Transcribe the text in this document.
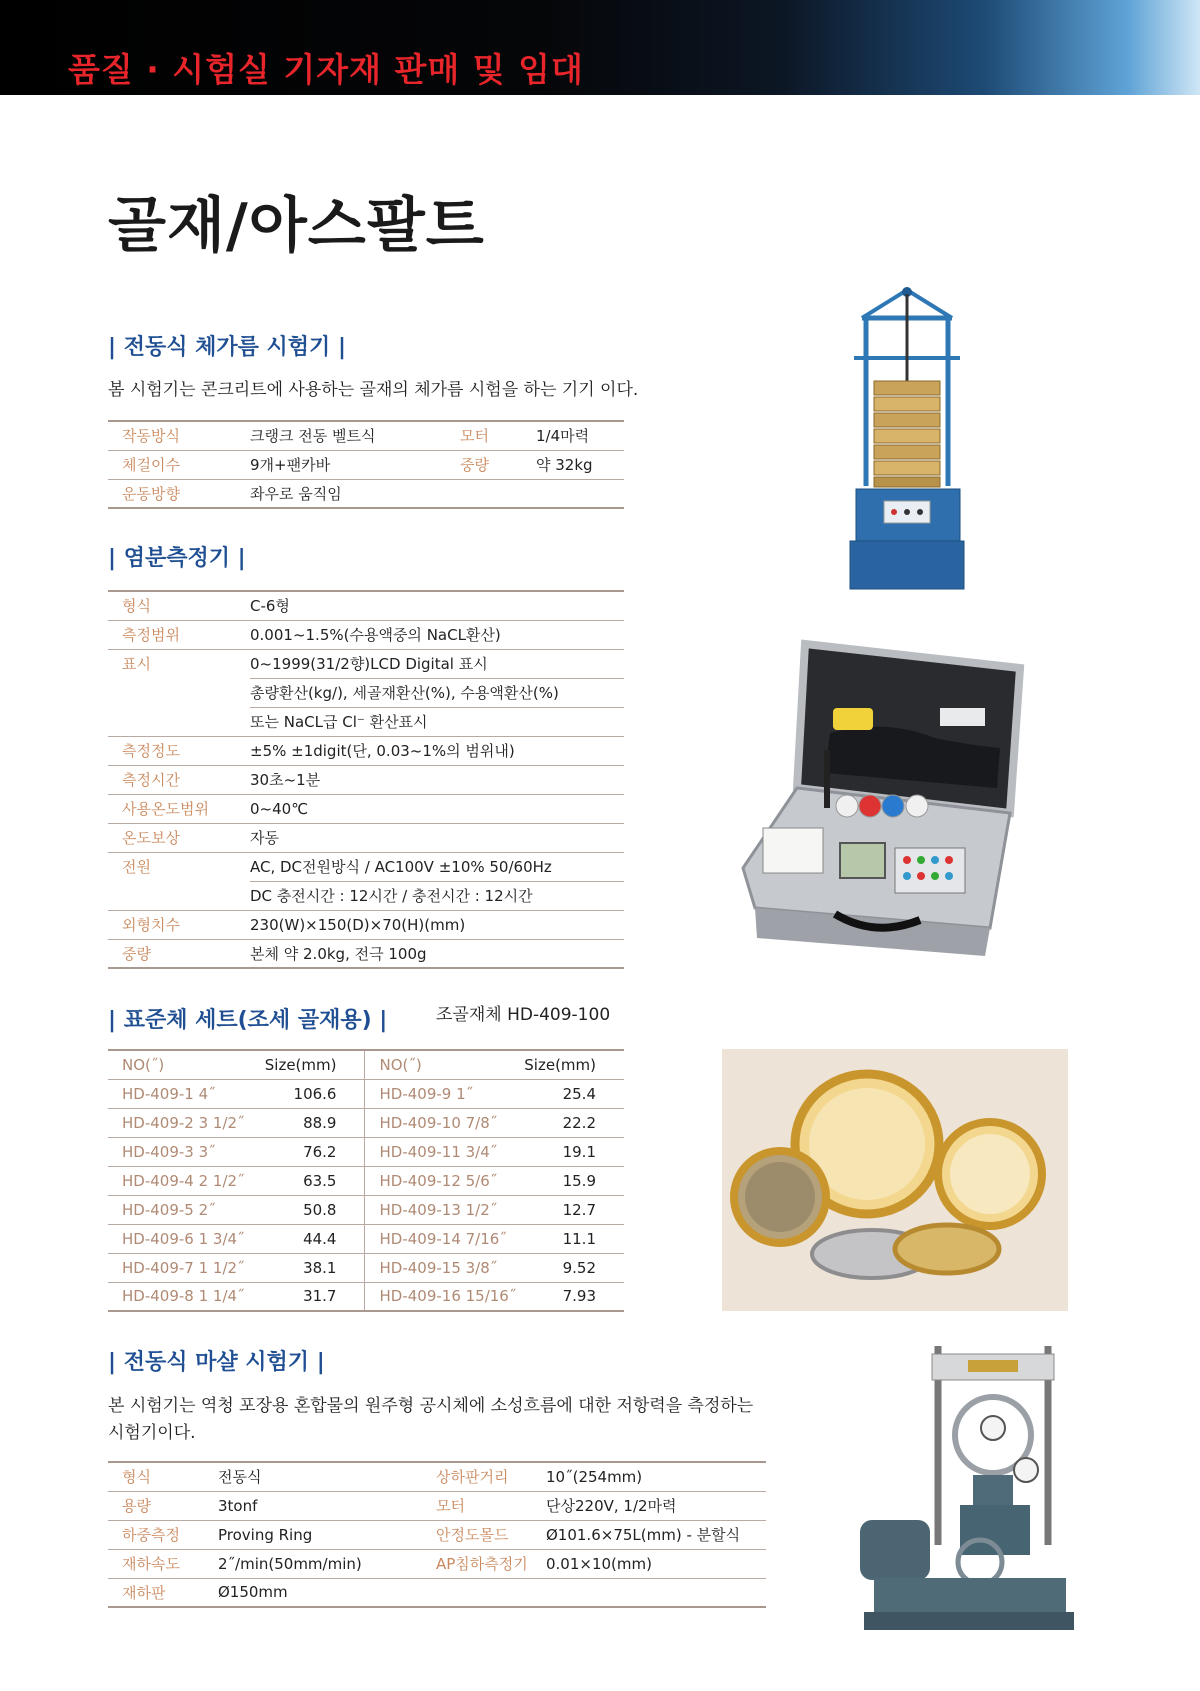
품질 · 시험실 기자재 판매 및 임대
골재/아스팔트
| 전동식 체가름 시험기 |
봄 시험기는 콘크리트에 사용하는 골재의 체가름 시험을 하는 기기 이다.
작동방식	크랭크 전동 벨트식	모터	1/4마력
체걸이수	9개+팬카바	중량	약 32kg
운동방향	좌우로 움직임		
| 염분측정기 |
형식	C-6형
측정범위	0.001~1.5%(수용액중의 NaCL환산)
표시	0~1999(31/2향)LCD Digital 표시
	총량환산(kg/), 세골재환산(%), 수용액환산(%)
	또는 NaCL급 Cl⁻ 환산표시
측정정도	±5% ±1digit(단, 0.03~1%의 범위내)
측정시간	30초~1분
사용온도범위	0~40℃
온도보상	자동
전원	AC, DC전원방식 / AC100V ±10% 50/60Hz
	DC 충전시간 : 12시간 / 충전시간 : 12시간
외형치수	230(W)×150(D)×70(H)(mm)
중량	본체 약 2.0kg, 전극 100g
| 표준체 세트(조세 골재용) |	조골재체 HD-409-100
NO(˝)	Size(mm)	NO(˝)	Size(mm)
HD-409-1 4˝	106.6	HD-409-9 1˝	25.4
HD-409-2 3 1/2˝	88.9	HD-409-10 7/8˝	22.2
HD-409-3 3˝	76.2	HD-409-11 3/4˝	19.1
HD-409-4 2 1/2˝	63.5	HD-409-12 5/6˝	15.9
HD-409-5 2˝	50.8	HD-409-13 1/2˝	12.7
HD-409-6 1 3/4˝	44.4	HD-409-14 7/16˝	11.1
HD-409-7 1 1/2˝	38.1	HD-409-15 3/8˝	9.52
HD-409-8 1 1/4˝	31.7	HD-409-16 15/16˝	7.93
| 전동식 마샬 시험기 |
본 시험기는 역청 포장용 혼합물의 원주형 공시체에 소성흐름에 대한 저항력을 측정하는 시험기이다.
형식	전동식	상하판거리	10˝(254mm)
용량	3tonf	모터	단상220V, 1/2마력
하중측정	Proving Ring	안정도몰드	Ø101.6×75L(mm) - 분할식
재하속도	2˝/min(50mm/min)	AP침하측정기	0.01×10(mm)
재하판	Ø150mm		
